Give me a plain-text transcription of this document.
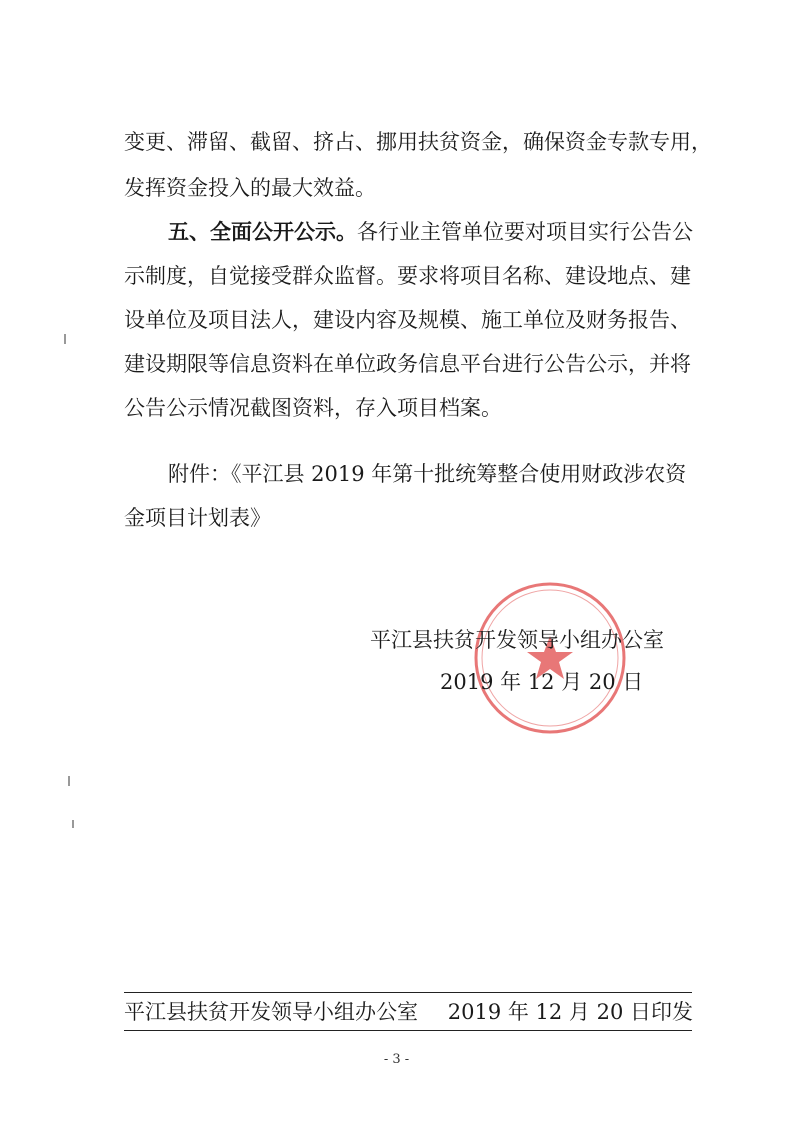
变更、滞留、截留、挤占、挪用扶贫资金，确保资金专款专用，
发挥资金投入的最大效益。
五、全面公开公示。各行业主管单位要对项目实行公告公
示制度，自觉接受群众监督。要求将项目名称、建设地点、建
设单位及项目法人，建设内容及规模、施工单位及财务报告、
建设期限等信息资料在单位政务信息平台进行公告公示，并将
公告公示情况截图资料，存入项目档案。
附件：《平江县 2019 年第十批统筹整合使用财政涉农资
金项目计划表》
平江县扶贫开发领导小组办公室
2019 年 12 月 20 日
平江县扶贫开发领导小组办公室 2019 年 12 月 20 日印发
- 3 -
